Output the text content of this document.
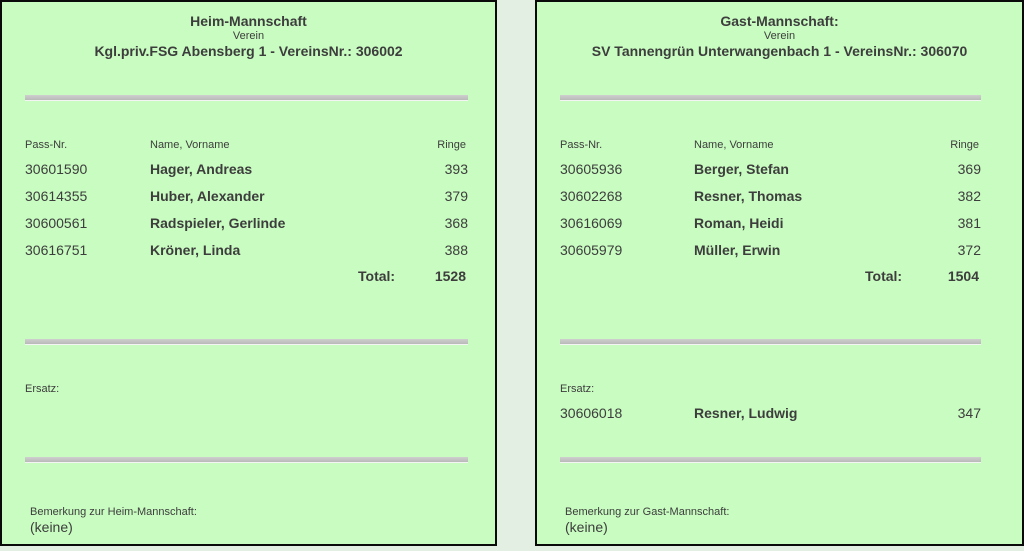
Heim-Mannschaft
Verein
Kgl.priv.FSG Abensberg 1 - VereinsNr.: 306002
Pass-Nr.	Name, Vorname	Ringe
30601590	Hager, Andreas	393
30614355	Huber, Alexander	379
30600561	Radspieler, Gerlinde	368
30616751	Kröner, Linda	388
Total:	1528
Ersatz:
Bemerkung zur Heim-Mannschaft:
(keine)
Gast-Mannschaft:
Verein
SV Tannengrün Unterwangenbach 1 - VereinsNr.: 306070
Pass-Nr.	Name, Vorname	Ringe
30605936	Berger, Stefan	369
30602268	Resner, Thomas	382
30616069	Roman, Heidi	381
30605979	Müller, Erwin	372
Total:	1504
Ersatz:
30606018	Resner, Ludwig	347
Bemerkung zur Gast-Mannschaft:
(keine)
